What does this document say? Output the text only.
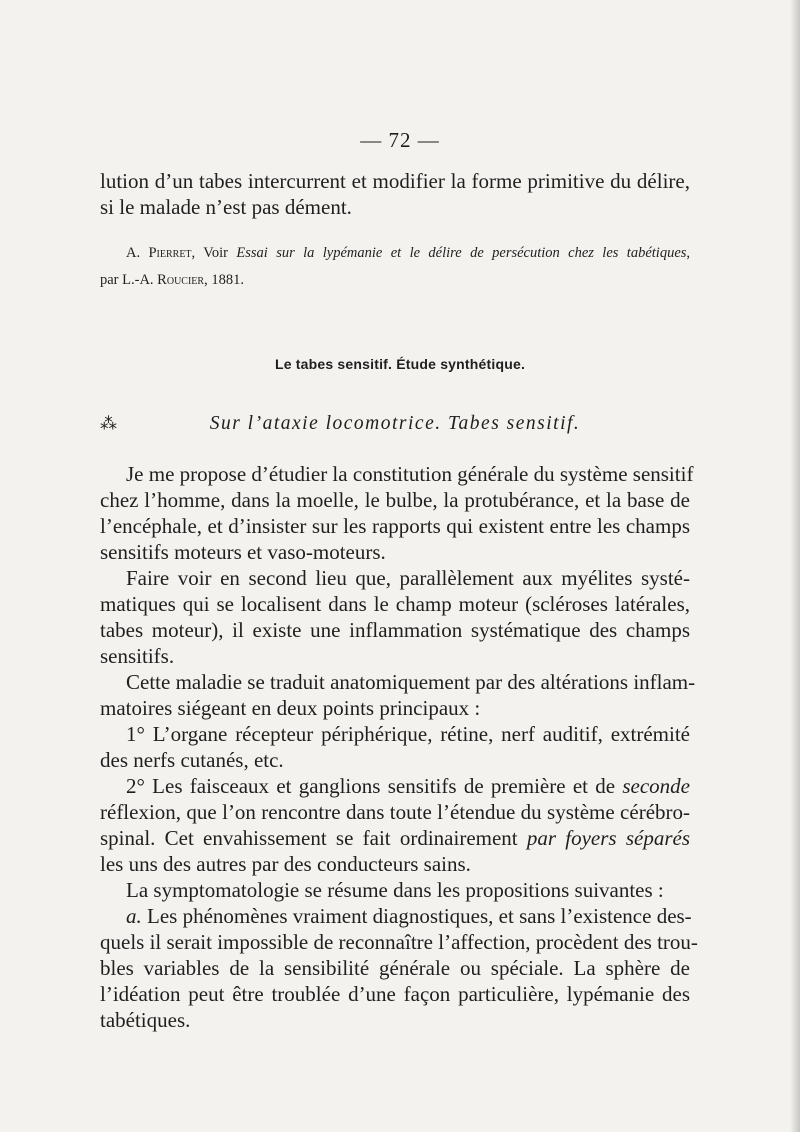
— 72 —
lution d’un tabes intercurrent et modifier la forme primitive du délire,
si le malade n’est pas dément.
A. Pierret, Voir Essai sur la lypémanie et le délire de persécution chez les tabétiques,
par L.-A. Roucier, 1881.
Le tabes sensitif. Étude synthétique.
⁂	Sur l’ataxie locomotrice. Tabes sensitif.
Je me propose d’étudier la constitution générale du système sensitif
chez l’homme, dans la moelle, le bulbe, la protubérance, et la base de
l’encéphale, et d’insister sur les rapports qui existent entre les champs
sensitifs moteurs et vaso-moteurs.
Faire voir en second lieu que, parallèlement aux myélites systé-
matiques qui se localisent dans le champ moteur (scléroses latérales,
tabes moteur), il existe une inflammation systématique des champs
sensitifs.
Cette maladie se traduit anatomiquement par des altérations inflam-
matoires siégeant en deux points principaux :
1° L’organe récepteur périphérique, rétine, nerf auditif, extrémité
des nerfs cutanés, etc.
2° Les faisceaux et ganglions sensitifs de première et de seconde
réflexion, que l’on rencontre dans toute l’étendue du système cérébro-
spinal. Cet envahissement se fait ordinairement par foyers séparés
les uns des autres par des conducteurs sains.
La symptomatologie se résume dans les propositions suivantes :
a. Les phénomènes vraiment diagnostiques, et sans l’existence des-
quels il serait impossible de reconnaître l’affection, procèdent des trou-
bles variables de la sensibilité générale ou spéciale. La sphère de
l’idéation peut être troublée d’une façon particulière, lypémanie des
tabétiques.
